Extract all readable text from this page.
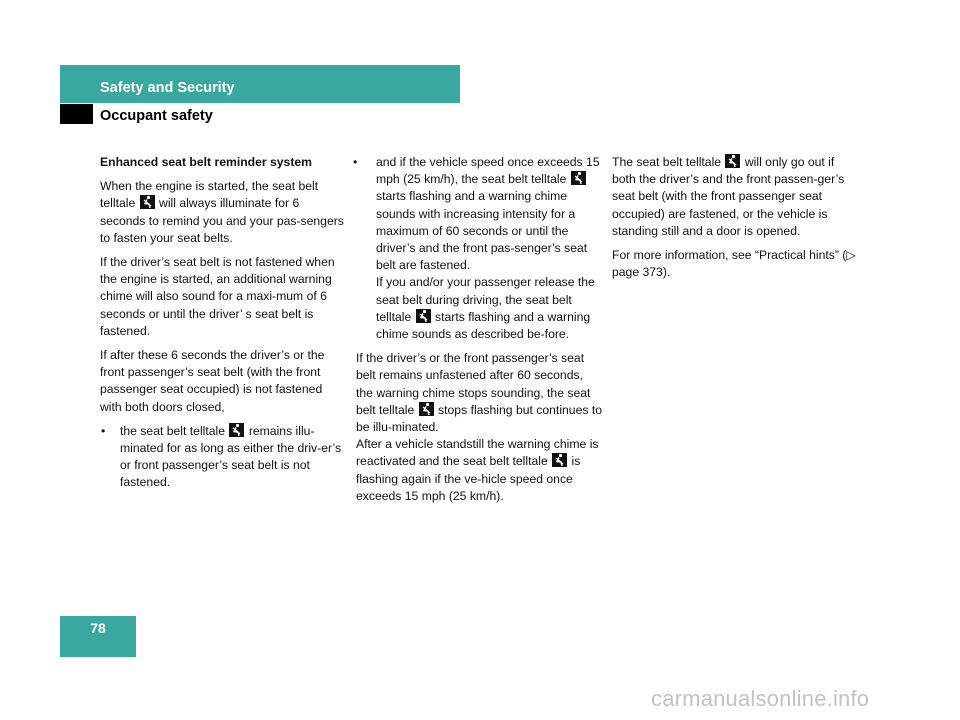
Safety and Security
Occupant safety

Enhanced seat belt reminder system

When the engine is started, the seat belt telltale will always illuminate for 6 seconds to remind you and your pas-sengers to fasten your seat belts.

If the driver’s seat belt is not fastened when the engine is started, an additional warning chime will also sound for a maxi-mum of 6 seconds or until the driver’ s seat belt is fastened.

If after these 6 seconds the driver’s or the front passenger’s seat belt (with the front passenger seat occupied) is not fastened with both doors closed,

• the seat belt telltale remains illu-minated for as long as either the driv-er’s or front passenger’s seat belt is not fastened.

• and if the vehicle speed once exceeds 15 mph (25 km/h), the seat belt telltale
starts flashing and a warning chime sounds with increasing intensity for a maximum of 60 seconds or until the driver’s and the front pas-senger’s seat belt are fastened.
If you and/or your passenger release the seat belt during driving, the seat belt telltale starts flashing and a warning chime sounds as described be-fore.

If the driver’s or the front passenger’s seat belt remains unfastened after 60 seconds, the warning chime stops sounding, the seat belt telltale stops flashing but continues to be illu-minated.
After a vehicle standstill the warning chime is reactivated and the seat belt telltale is flashing again if the ve-hicle speed once exceeds 15 mph (25 km/h).

The seat belt telltale will only go out if both the driver’s and the front passen-ger’s seat belt (with the front passenger seat occupied) are fastened, or the vehicle is standing still and a door is opened.

For more information, see “Practical hints” (▷ page 373).

78
carmanualsonline.info
